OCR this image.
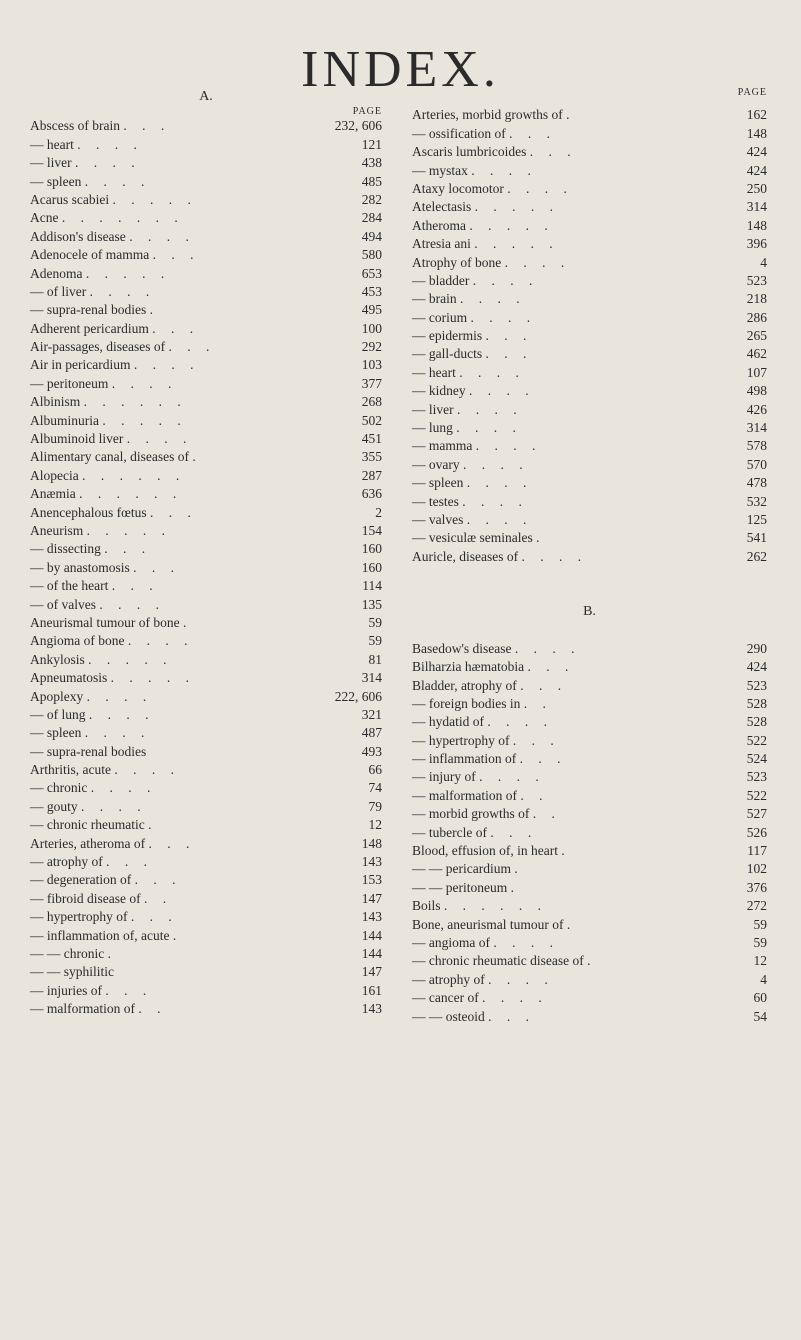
INDEX.
A.
PAGE
Abscess of brain . . .	232, 606
— heart . . . .	121
— liver . . . .	438
— spleen . . . .	485
Acarus scabiei . . . . .	282
Acne . . . . . . .	284
Addison's disease . . . .	494
Adenocele of mamma . . .	580
Adenoma . . . . .	653
— of liver . . . .	453
— supra-renal bodies .	495
Adherent pericardium . . .	100
Air-passages, diseases of . . .	292
Air in pericardium . . . .	103
— peritoneum . . . .	377
Albinism . . . . . .	268
Albuminuria . . . . .	502
Albuminoid liver . . . .	451
Alimentary canal, diseases of .	355
Alopecia . . . . . .	287
Anæmia . . . . . .	636
Anencephalous fœtus . . .	2
Aneurism . . . . .	154
— dissecting . . .	160
— by anastomosis . . .	160
— of the heart . . .	114
— of valves . . . .	135
Aneurismal tumour of bone .	59
Angioma of bone . . . .	59
Ankylosis . . . . .	81
Apneumatosis . . . . .	314
Apoplexy . . . .	222, 606
— of lung . . . .	321
— spleen . . . .	487
— supra-renal bodies	493
Arthritis, acute . . . .	66
— chronic . . . .	74
— gouty . . . .	79
— chronic rheumatic .	12
Arteries, atheroma of . . .	148
— atrophy of . . .	143
— degeneration of . . .	153
— fibroid disease of . .	147
— hypertrophy of . . .	143
— inflammation of, acute .	144
— — chronic .	144
— — syphilitic	147
— injuries of . . .	161
— malformation of . .	143
PAGE
Arteries, morbid growths of .	162
— ossification of . . .	148
Ascaris lumbricoides . . .	424
— mystax . . . .	424
Ataxy locomotor . . . .	250
Atelectasis . . . . .	314
Atheroma . . . . .	148
Atresia ani . . . . .	396
Atrophy of bone . . . .	4
— bladder . . . .	523
— brain . . . .	218
— corium . . . .	286
— epidermis . . .	265
— gall-ducts . . .	462
— heart . . . .	107
— kidney . . . .	498
— liver . . . .	426
— lung . . . .	314
— mamma . . . .	578
— ovary . . . .	570
— spleen . . . .	478
— testes . . . .	532
— valves . . . .	125
— vesiculæ seminales .	541
Auricle, diseases of . . . .	262
B.
Basedow's disease . . . .	290
Bilharzia hæmatobia . . .	424
Bladder, atrophy of . . .	523
— foreign bodies in . .	528
— hydatid of . . . .	528
— hypertrophy of . . .	522
— inflammation of . . .	524
— injury of . . . .	523
— malformation of . .	522
— morbid growths of . .	527
— tubercle of . . .	526
Blood, effusion of, in heart .	117
— — pericardium .	102
— — peritoneum .	376
Boils . . . . . .	272
Bone, aneurismal tumour of .	59
— angioma of . . . .	59
— chronic rheumatic disease of .	12
— atrophy of . . . .	4
— cancer of . . . .	60
— — osteoid . . .	54
